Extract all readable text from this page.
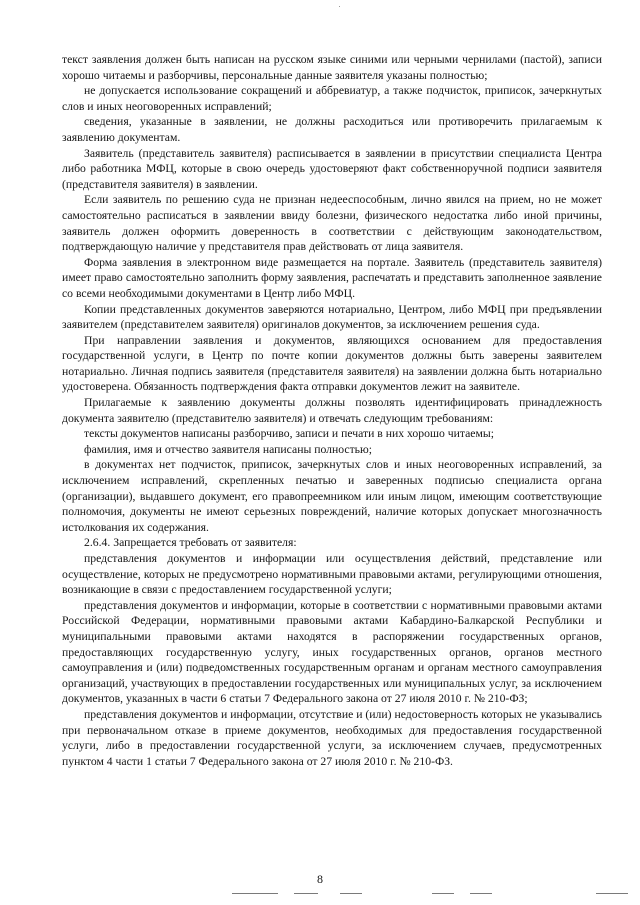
текст заявления должен быть написан на русском языке синими или черными чернилами (пастой), записи хорошо читаемы и разборчивы, персональные данные заявителя указаны полностью;

не допускается использование сокращений и аббревиатур, а также подчисток, приписок, зачеркнутых слов и иных неоговоренных исправлений;

сведения, указанные в заявлении, не должны расходиться или противоречить прилагаемым к заявлению документам.

Заявитель (представитель заявителя) расписывается в заявлении в присутствии специалиста Центра либо работника МФЦ, которые в свою очередь удостоверяют факт собственноручной подписи заявителя (представителя заявителя) в заявлении.

Если заявитель по решению суда не признан недееспособным, лично явился на прием, но не может самостоятельно расписаться в заявлении ввиду болезни, физического недостатка либо иной причины, заявитель должен оформить доверенность в соответствии с действующим законодательством, подтверждающую наличие у представителя прав действовать от лица заявителя.

Форма заявления в электронном виде размещается на портале. Заявитель (представитель заявителя) имеет право самостоятельно заполнить форму заявления, распечатать и представить заполненное заявление со всеми необходимыми документами в Центр либо МФЦ.

Копии представленных документов заверяются нотариально, Центром, либо МФЦ при предъявлении заявителем (представителем заявителя) оригиналов документов, за исключением решения суда.

При направлении заявления и документов, являющихся основанием для предоставления государственной услуги, в Центр по почте копии документов должны быть заверены заявителем нотариально. Личная подпись заявителя (представителя заявителя) на заявлении должна быть нотариально удостоверена. Обязанность подтверждения факта отправки документов лежит на заявителе.

Прилагаемые к заявлению документы должны позволять идентифицировать принадлежность документа заявителю (представителю заявителя) и отвечать следующим требованиям:

тексты документов написаны разборчиво, записи и печати в них хорошо читаемы;

фамилия, имя и отчество заявителя написаны полностью;

в документах нет подчисток, приписок, зачеркнутых слов и иных неоговоренных исправлений, за исключением исправлений, скрепленных печатью и заверенных подписью специалиста органа (организации), выдавшего документ, его правопреемником или иным лицом, имеющим соответствующие полномочия, документы не имеют серьезных повреждений, наличие которых допускает многозначность истолкования их содержания.

2.6.4. Запрещается требовать от заявителя:

представления документов и информации или осуществления действий, представление или осуществление, которых не предусмотрено нормативными правовыми актами, регулирующими отношения, возникающие в связи с предоставлением государственной услуги;

представления документов и информации, которые в соответствии с нормативными правовыми актами Российской Федерации, нормативными правовыми актами Кабардино-Балкарской Республики и муниципальными правовыми актами находятся в распоряжении государственных органов, предоставляющих государственную услугу, иных государственных органов, органов местного самоуправления и (или) подведомственных государственным органам и органам местного самоуправления организаций, участвующих в предоставлении государственных или муниципальных услуг, за исключением документов, указанных в части 6 статьи 7 Федерального закона от 27 июля 2010 г. № 210-ФЗ;

представления документов и информации, отсутствие и (или) недостоверность которых не указывались при первоначальном отказе в приеме документов, необходимых для предоставления государственной услуги, либо в предоставлении государственной услуги, за исключением случаев, предусмотренных пунктом 4 части 1 статьи 7 Федерального закона от 27 июля 2010 г. № 210-ФЗ.

8
